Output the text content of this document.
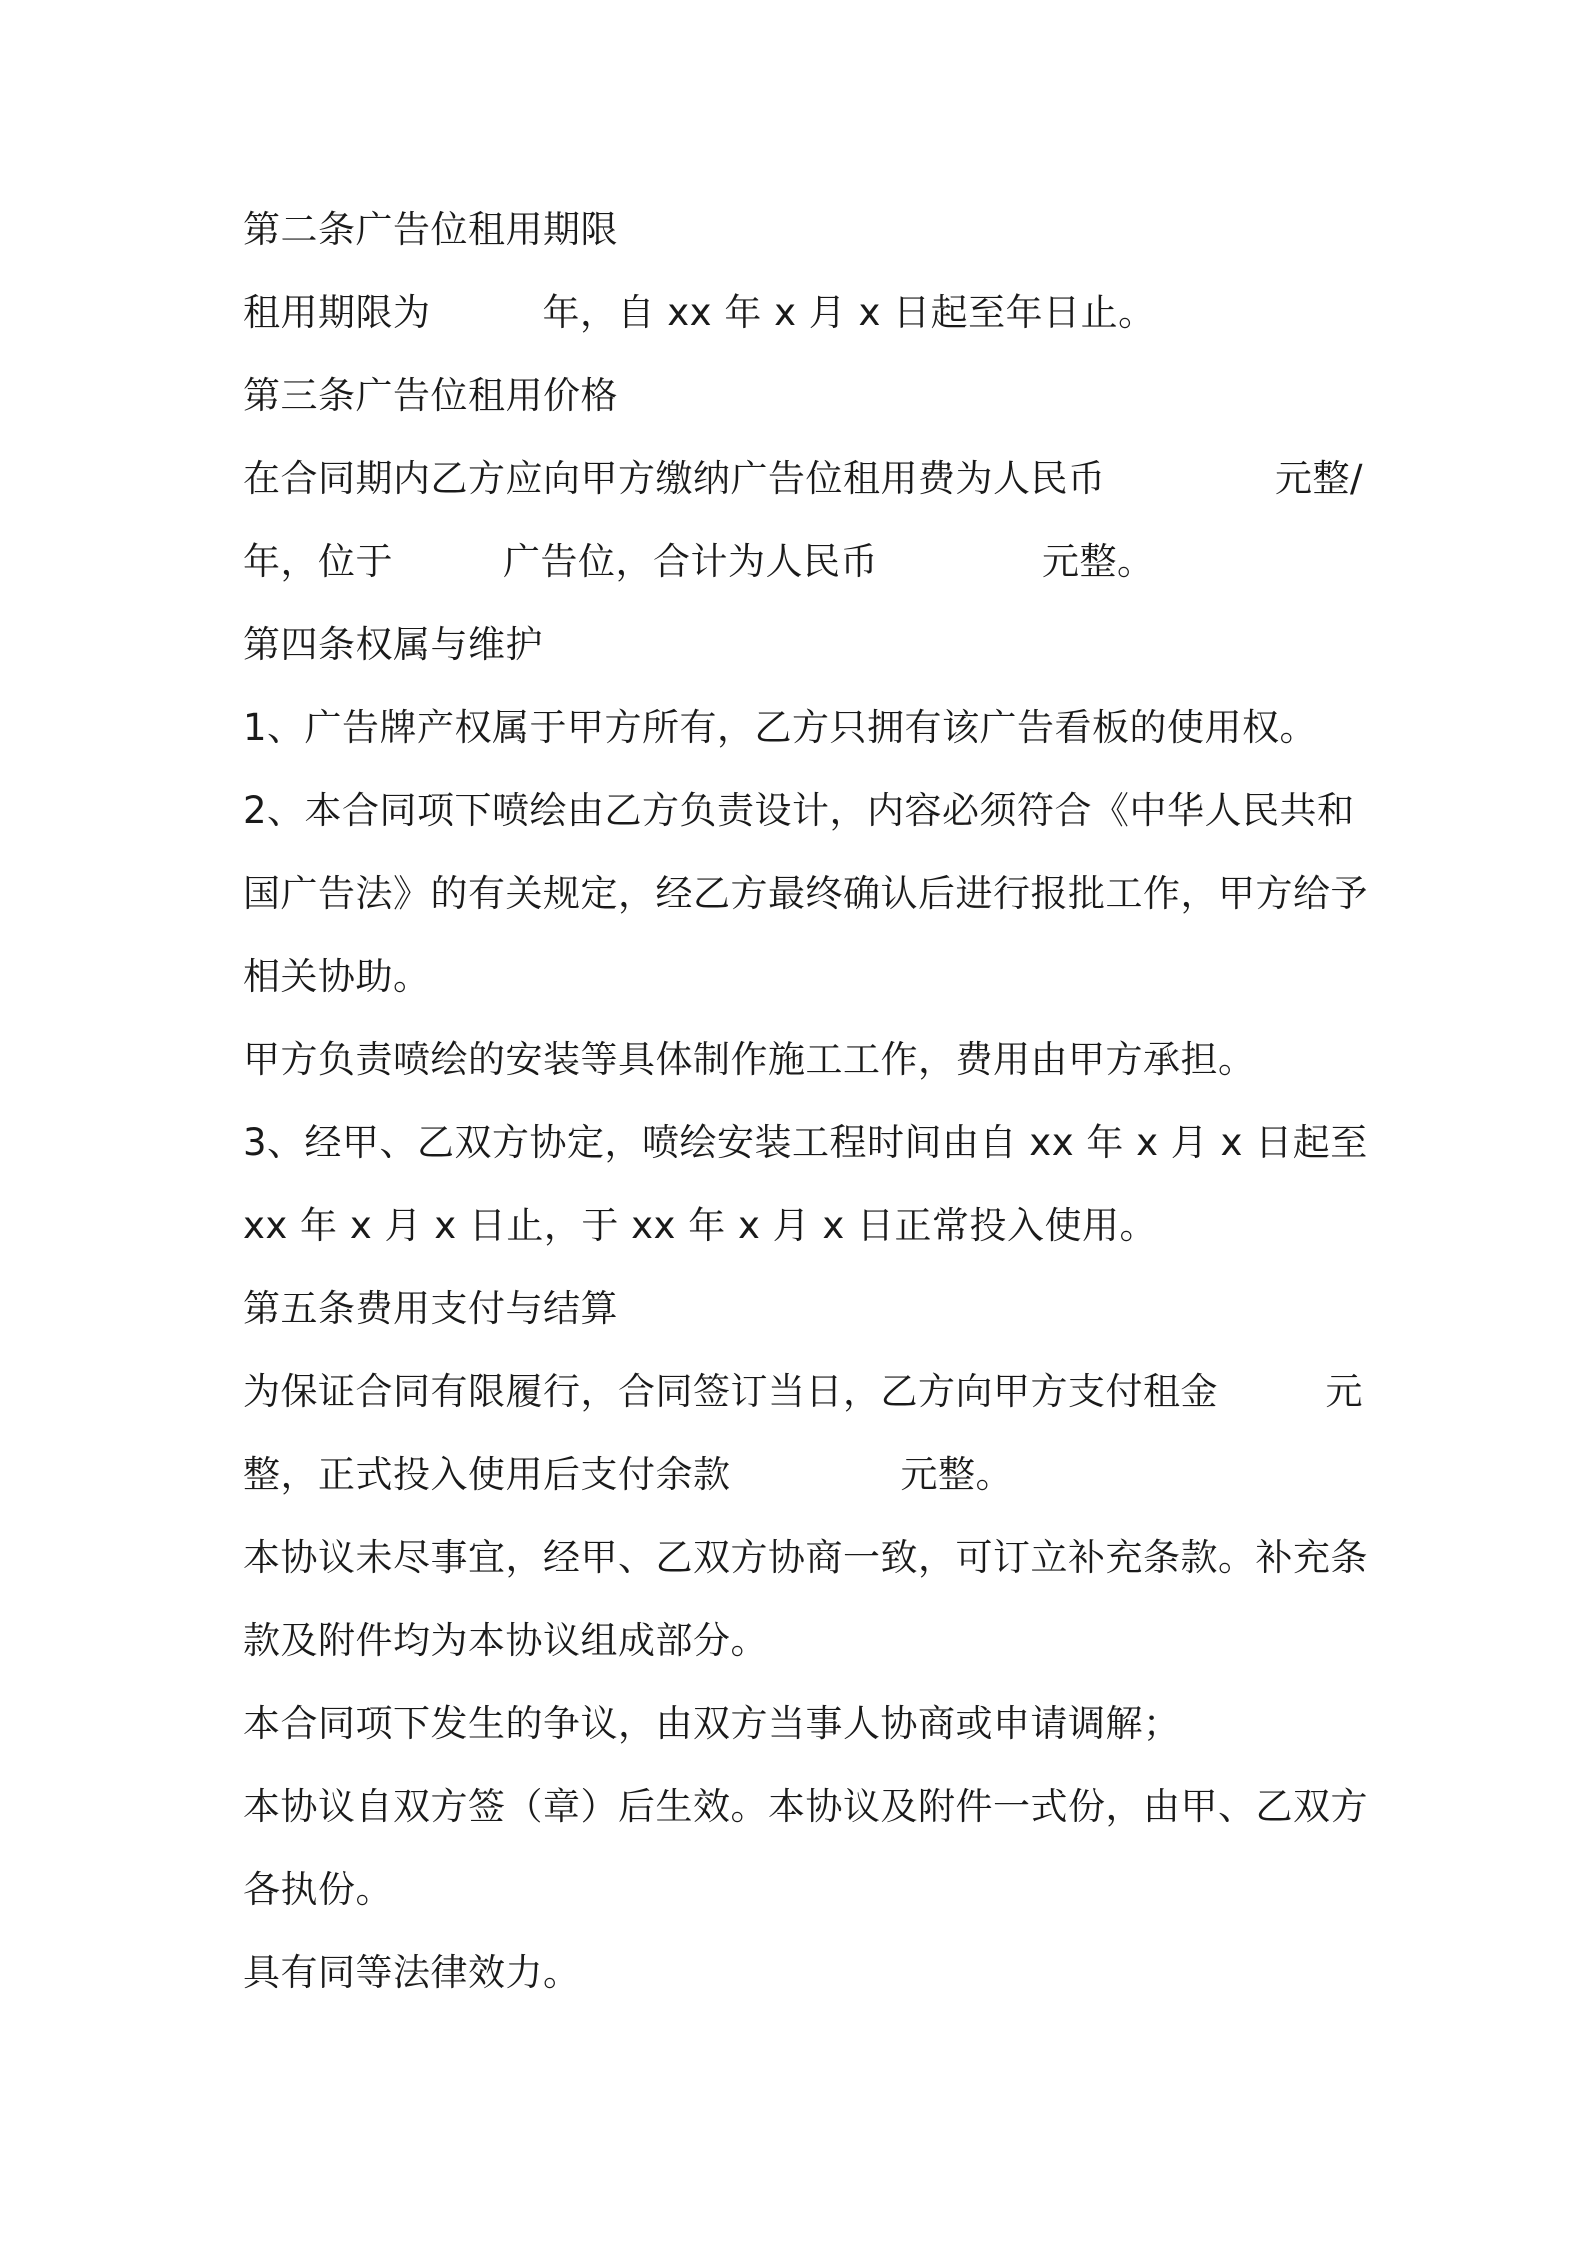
第二条广告位租用期限
租用期限为	年，自 xx 年 x 月 x 日起至年日止。
第三条广告位租用价格
在合同期内乙方应向甲方缴纳广告位租用费为人民币	元整/
年，位于	广告位，合计为人民币	元整。
第四条权属与维护
1、广告牌产权属于甲方所有，乙方只拥有该广告看板的使用权。
2、本合同项下喷绘由乙方负责设计，内容必须符合《中华人民共和
国广告法》的有关规定，经乙方最终确认后进行报批工作，甲方给予
相关协助。
甲方负责喷绘的安装等具体制作施工工作，费用由甲方承担。
3、经甲、乙双方协定，喷绘安装工程时间由自 xx 年 x 月 x 日起至
xx 年 x 月 x 日止，于 xx 年 x 月 x 日正常投入使用。
第五条费用支付与结算
为保证合同有限履行，合同签订当日，乙方向甲方支付租金	元
整，正式投入使用后支付余款	元整。
本协议未尽事宜，经甲、乙双方协商一致，可订立补充条款。补充条
款及附件均为本协议组成部分。
本合同项下发生的争议，由双方当事人协商或申请调解；
本协议自双方签（章）后生效。本协议及附件一式份，由甲、乙双方
各执份。
具有同等法律效力。
